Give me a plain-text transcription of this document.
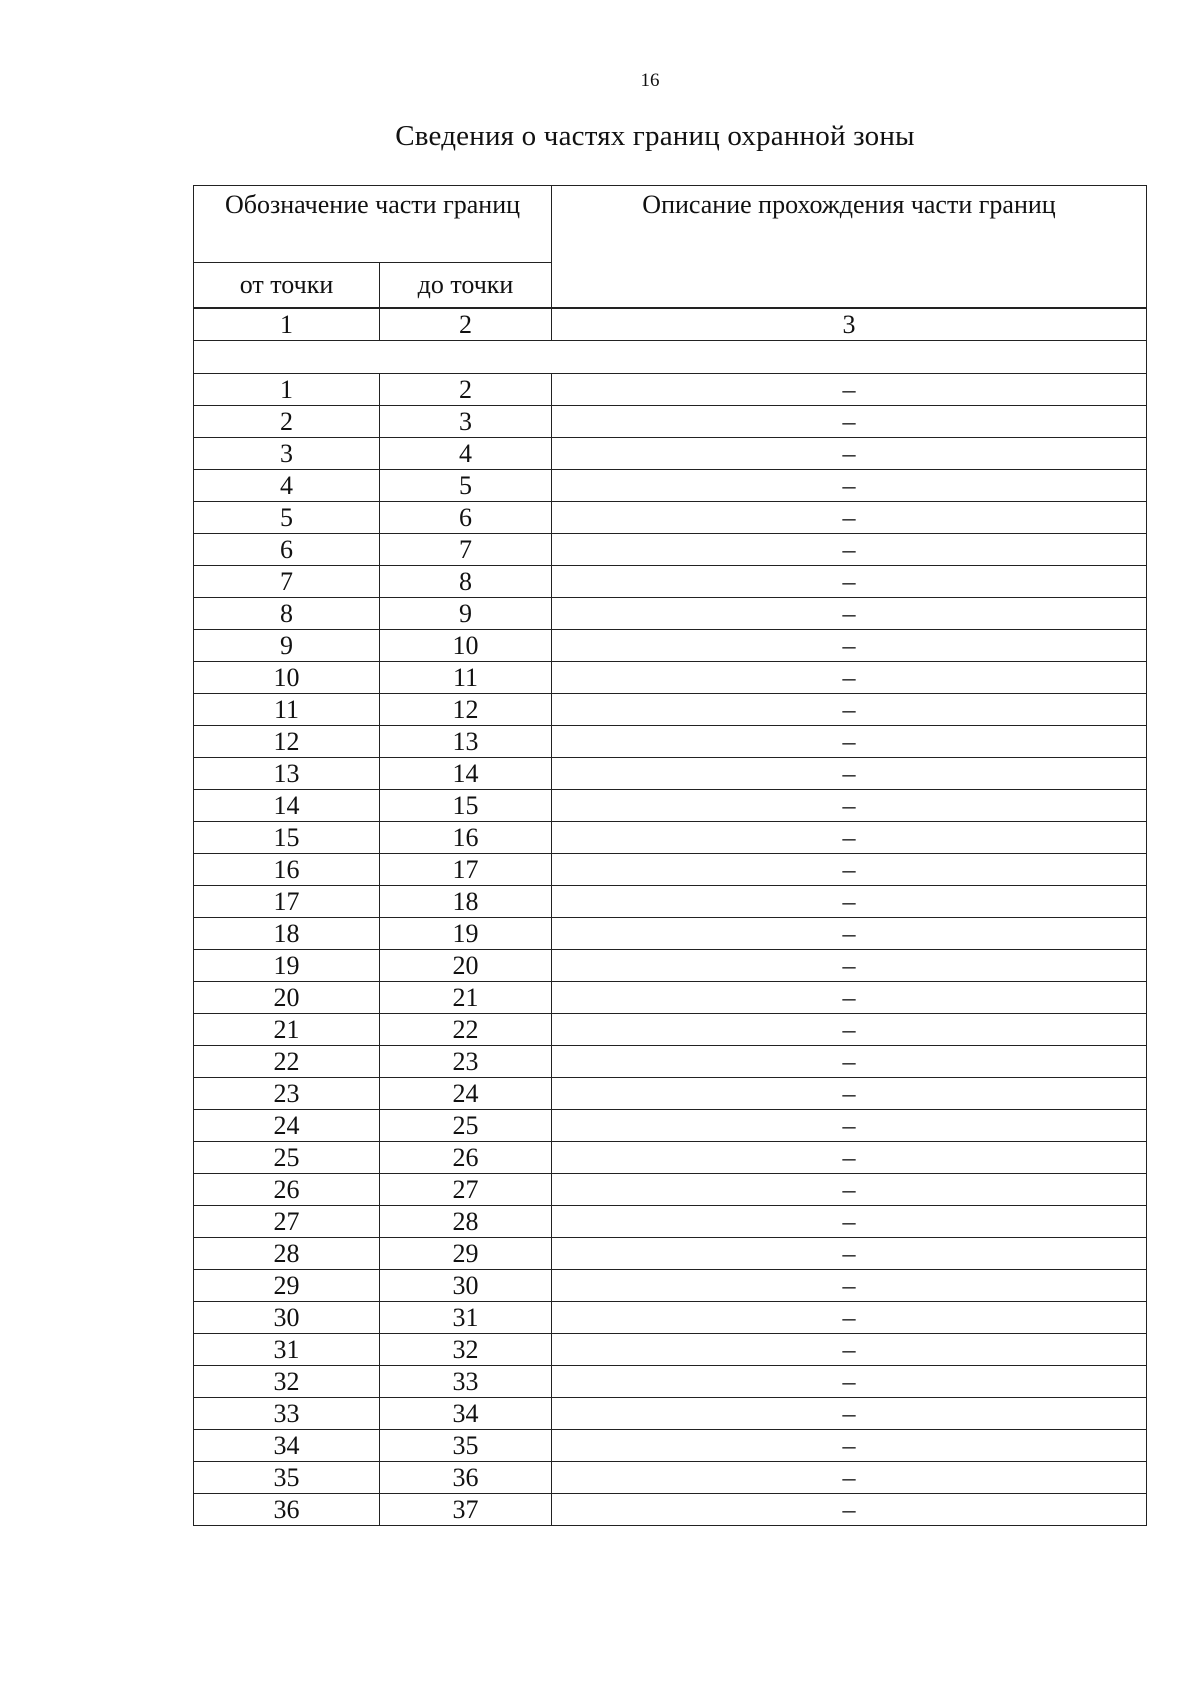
16
Сведения о частях границ охранной зоны
Обозначение части границ		Описание прохождения части границ
от точки	до точки	
1	2	3

1	2	–
2	3	–
3	4	–
4	5	–
5	6	–
6	7	–
7	8	–
8	9	–
9	10	–
10	11	–
11	12	–
12	13	–
13	14	–
14	15	–
15	16	–
16	17	–
17	18	–
18	19	–
19	20	–
20	21	–
21	22	–
22	23	–
23	24	–
24	25	–
25	26	–
26	27	–
27	28	–
28	29	–
29	30	–
30	31	–
31	32	–
32	33	–
33	34	–
34	35	–
35	36	–
36	37	–
